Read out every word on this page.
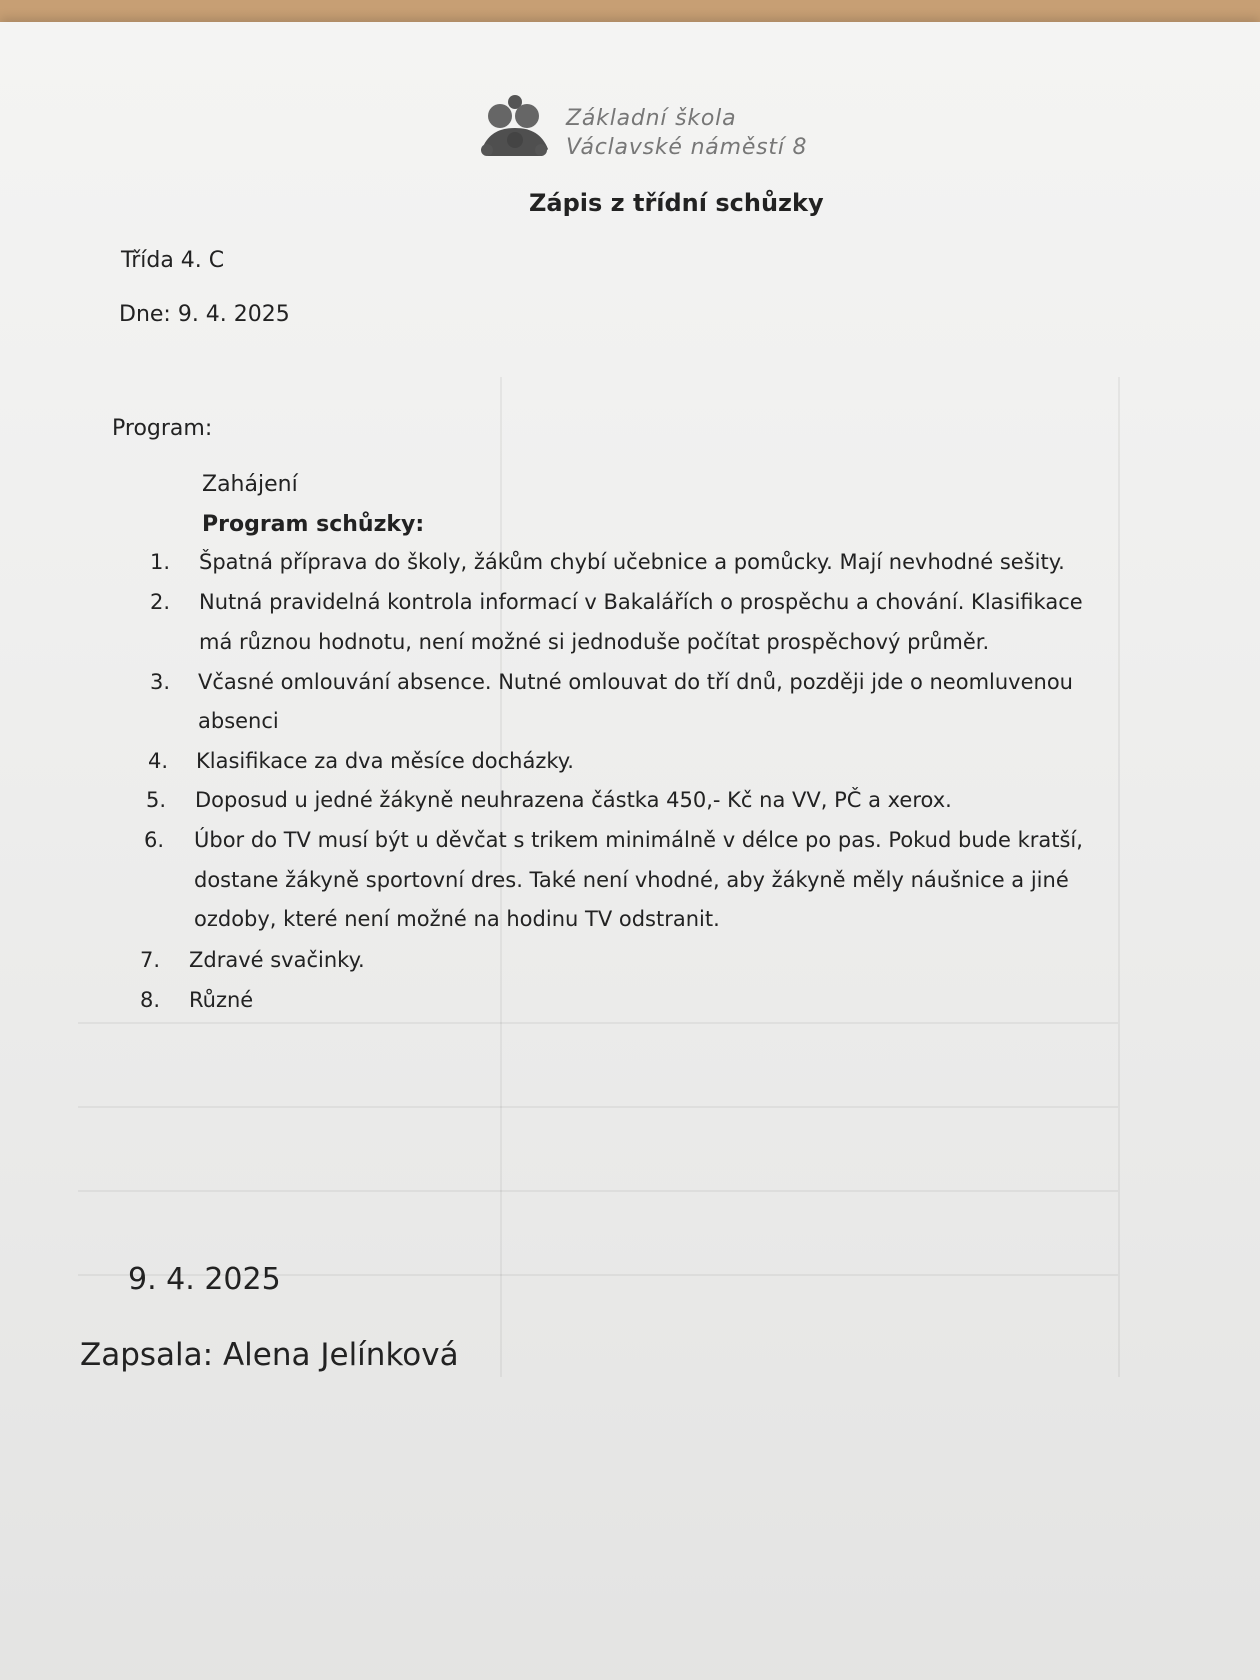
Základní škola
Václavské náměstí 8
Zápis z třídní schůzky
Třída 4. C
Dne: 9. 4. 2025
Program:
Zahájení
Program schůzky:
1. Špatná příprava do školy, žákům chybí učebnice a pomůcky. Mají nevhodné sešity.
2. Nutná pravidelná kontrola informací v Bakalářích o prospěchu a chování. Klasifikace
má různou hodnotu, není možné si jednoduše počítat prospěchový průměr.
3. Včasné omlouvání absence. Nutné omlouvat do tří dnů, později jde o neomluvenou
absenci
4. Klasifikace za dva měsíce docházky.
5. Doposud u jedné žákyně neuhrazena částka 450,- Kč na VV, PČ a xerox.
6. Úbor do TV musí být u děvčat s trikem minimálně v délce po pas. Pokud bude kratší,
dostane žákyně sportovní dres. Také není vhodné, aby žákyně měly náušnice a jiné
ozdoby, které není možné na hodinu TV odstranit.
7. Zdravé svačinky.
8. Různé
9. 4. 2025
Zapsala: Alena Jelínková
